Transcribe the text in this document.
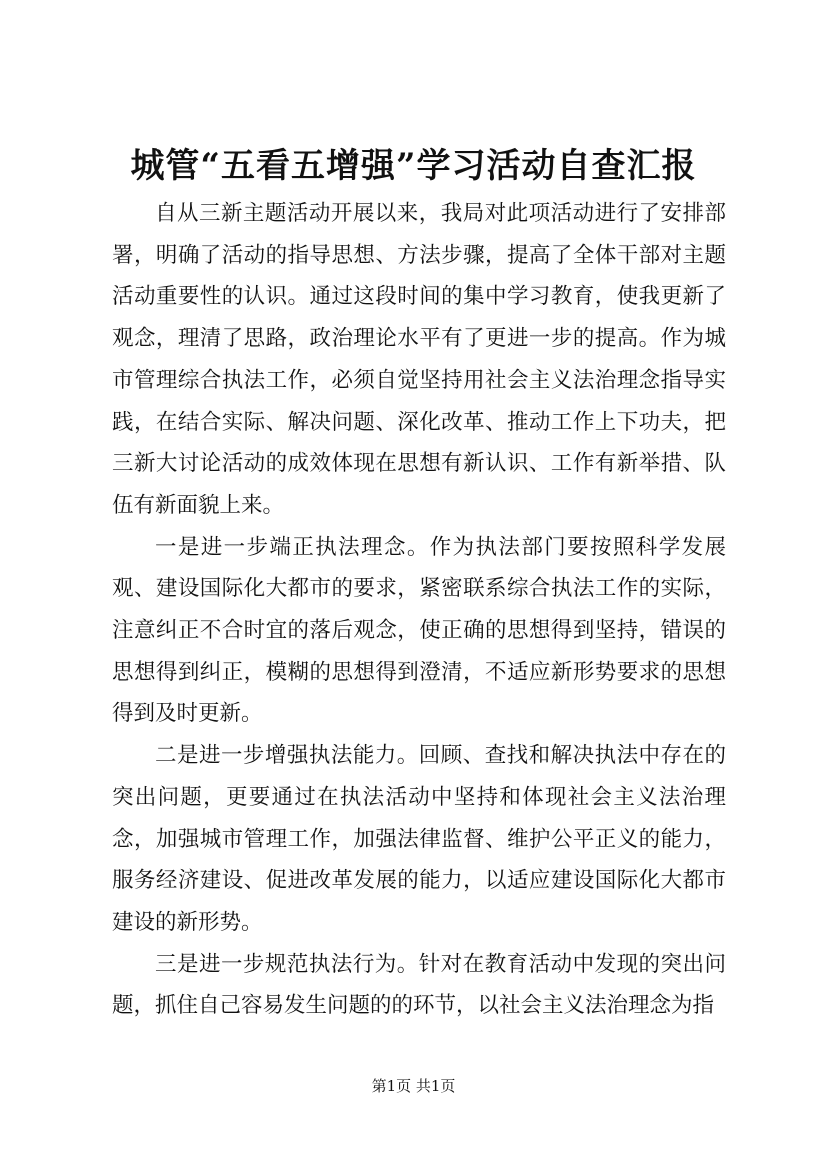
城管“五看五增强”学习活动自查汇报

自从三新主题活动开展以来，我局对此项活动进行了安排部署，明确了活动的指导思想、方法步骤，提高了全体干部对主题活动重要性的认识。通过这段时间的集中学习教育，使我更新了观念，理清了思路，政治理论水平有了更进一步的提高。作为城市管理综合执法工作，必须自觉坚持用社会主义法治理念指导实践，在结合实际、解决问题、深化改革、推动工作上下功夫，把三新大讨论活动的成效体现在思想有新认识、工作有新举措、队伍有新面貌上来。

一是进一步端正执法理念。作为执法部门要按照科学发展观、建设国际化大都市的要求，紧密联系综合执法工作的实际，注意纠正不合时宜的落后观念，使正确的思想得到坚持，错误的思想得到纠正，模糊的思想得到澄清，不适应新形势要求的思想得到及时更新。

二是进一步增强执法能力。回顾、查找和解决执法中存在的突出问题，更要通过在执法活动中坚持和体现社会主义法治理念，加强城市管理工作，加强法律监督、维护公平正义的能力，服务经济建设、促进改革发展的能力，以适应建设国际化大都市建设的新形势。

三是进一步规范执法行为。针对在教育活动中发现的突出问题，抓住自己容易发生问题的的环节，以社会主义法治理念为指

第1页 共1页
